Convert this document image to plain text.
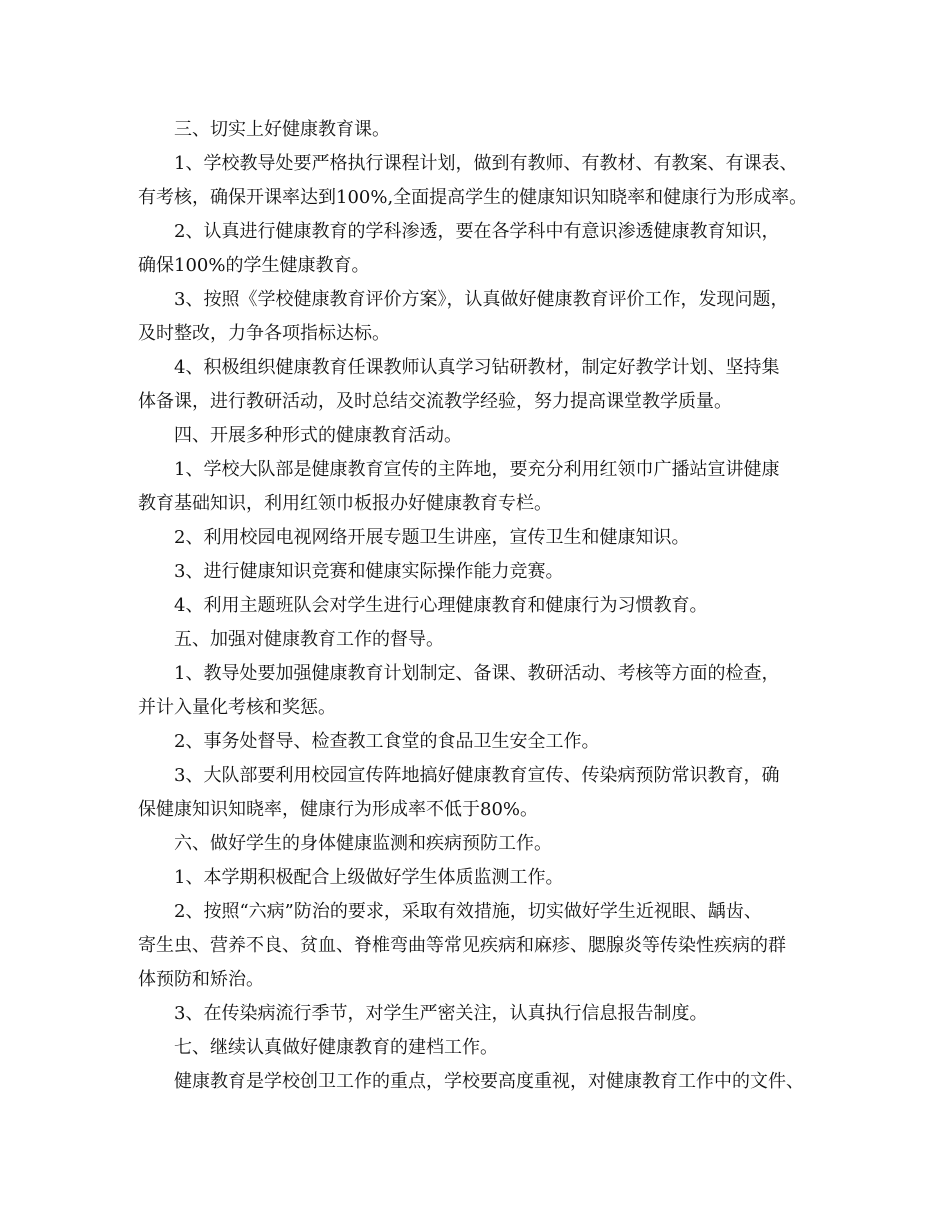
三、切实上好健康教育课。
1、学校教导处要严格执行课程计划，做到有教师、有教材、有教案、有课表、
有考核，确保开课率达到100%,全面提高学生的健康知识知晓率和健康行为形成率。
2、认真进行健康教育的学科渗透，要在各学科中有意识渗透健康教育知识，
确保100%的学生健康教育。
3、按照《学校健康教育评价方案》，认真做好健康教育评价工作，发现问题，
及时整改，力争各项指标达标。
4、积极组织健康教育任课教师认真学习钻研教材，制定好教学计划、坚持集
体备课，进行教研活动，及时总结交流教学经验，努力提高课堂教学质量。
四、开展多种形式的健康教育活动。
1、学校大队部是健康教育宣传的主阵地，要充分利用红领巾广播站宣讲健康
教育基础知识，利用红领巾板报办好健康教育专栏。
2、利用校园电视网络开展专题卫生讲座，宣传卫生和健康知识。
3、进行健康知识竞赛和健康实际操作能力竞赛。
4、利用主题班队会对学生进行心理健康教育和健康行为习惯教育。
五、加强对健康教育工作的督导。
1、教导处要加强健康教育计划制定、备课、教研活动、考核等方面的检查，
并计入量化考核和奖惩。
2、事务处督导、检查教工食堂的食品卫生安全工作。
3、大队部要利用校园宣传阵地搞好健康教育宣传、传染病预防常识教育，确
保健康知识知晓率，健康行为形成率不低于80%。
六、做好学生的身体健康监测和疾病预防工作。
1、本学期积极配合上级做好学生体质监测工作。
2、按照“六病”防治的要求，采取有效措施，切实做好学生近视眼、龋齿、
寄生虫、营养不良、贫血、脊椎弯曲等常见疾病和麻疹、腮腺炎等传染性疾病的群
体预防和矫治。
3、在传染病流行季节，对学生严密关注，认真执行信息报告制度。
七、继续认真做好健康教育的建档工作。
健康教育是学校创卫工作的重点，学校要高度重视，对健康教育工作中的文件、
